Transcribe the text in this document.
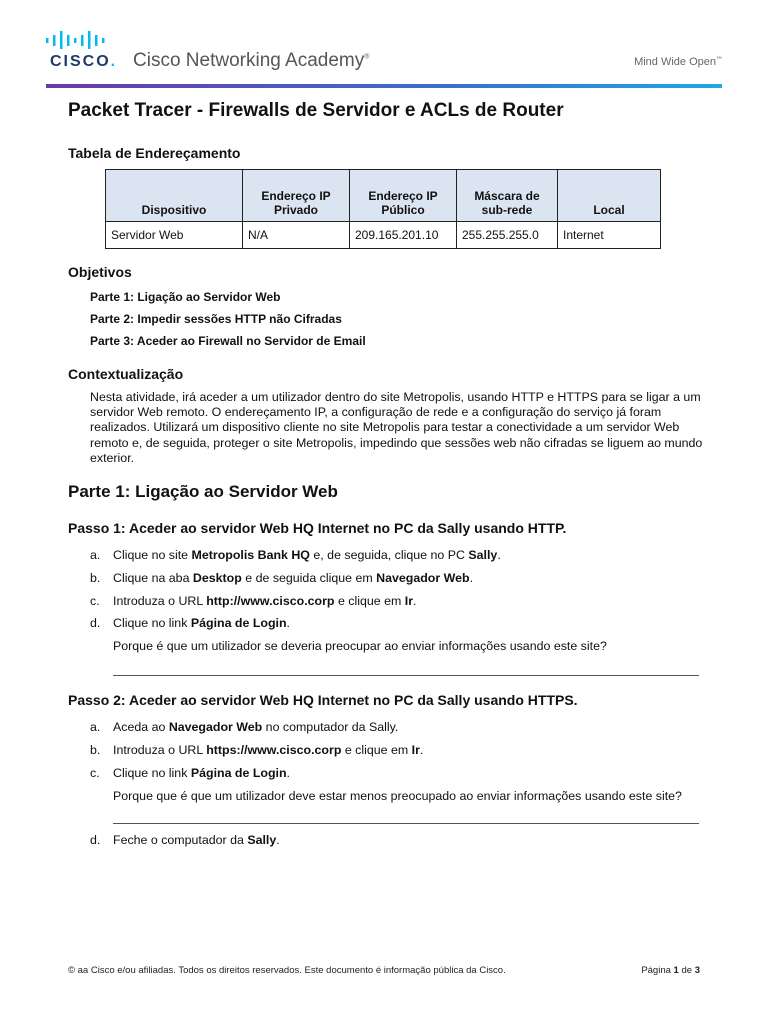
CISCO. Cisco Networking Academy®	Mind Wide Open™
Packet Tracer - Firewalls de Servidor e ACLs de Router
Tabela de Endereçamento
Dispositivo	Endereço IP Privado	Endereço IP Público	Máscara de sub-rede	Local
Servidor Web	N/A	209.165.201.10	255.255.255.0	Internet
Objetivos
Parte 1: Ligação ao Servidor Web
Parte 2: Impedir sessões HTTP não Cifradas
Parte 3: Aceder ao Firewall no Servidor de Email
Contextualização
Nesta atividade, irá aceder a um utilizador dentro do site Metropolis, usando HTTP e HTTPS para se ligar a um servidor Web remoto. O endereçamento IP, a configuração de rede e a configuração do serviço já foram realizados. Utilizará um dispositivo cliente no site Metropolis para testar a conectividade a um servidor Web remoto e, de seguida, proteger o site Metropolis, impedindo que sessões web não cifradas se liguem ao mundo exterior.
Parte 1: Ligação ao Servidor Web
Passo 1: Aceder ao servidor Web HQ Internet no PC da Sally usando HTTP.
a. Clique no site Metropolis Bank HQ e, de seguida, clique no PC Sally.
b. Clique na aba Desktop e de seguida clique em Navegador Web.
c. Introduza o URL http://www.cisco.corp e clique em Ir.
d. Clique no link Página de Login.
Porque é que um utilizador se deveria preocupar ao enviar informações usando este site?
Passo 2: Aceder ao servidor Web HQ Internet no PC da Sally usando HTTPS.
a. Aceda ao Navegador Web no computador da Sally.
b. Introduza o URL https://www.cisco.corp e clique em Ir.
c. Clique no link Página de Login.
Porque que é que um utilizador deve estar menos preocupado ao enviar informações usando este site?
d. Feche o computador da Sally.
© aa Cisco e/ou afiliadas. Todos os direitos reservados. Este documento é informação pública da Cisco.	Página 1 de 3
